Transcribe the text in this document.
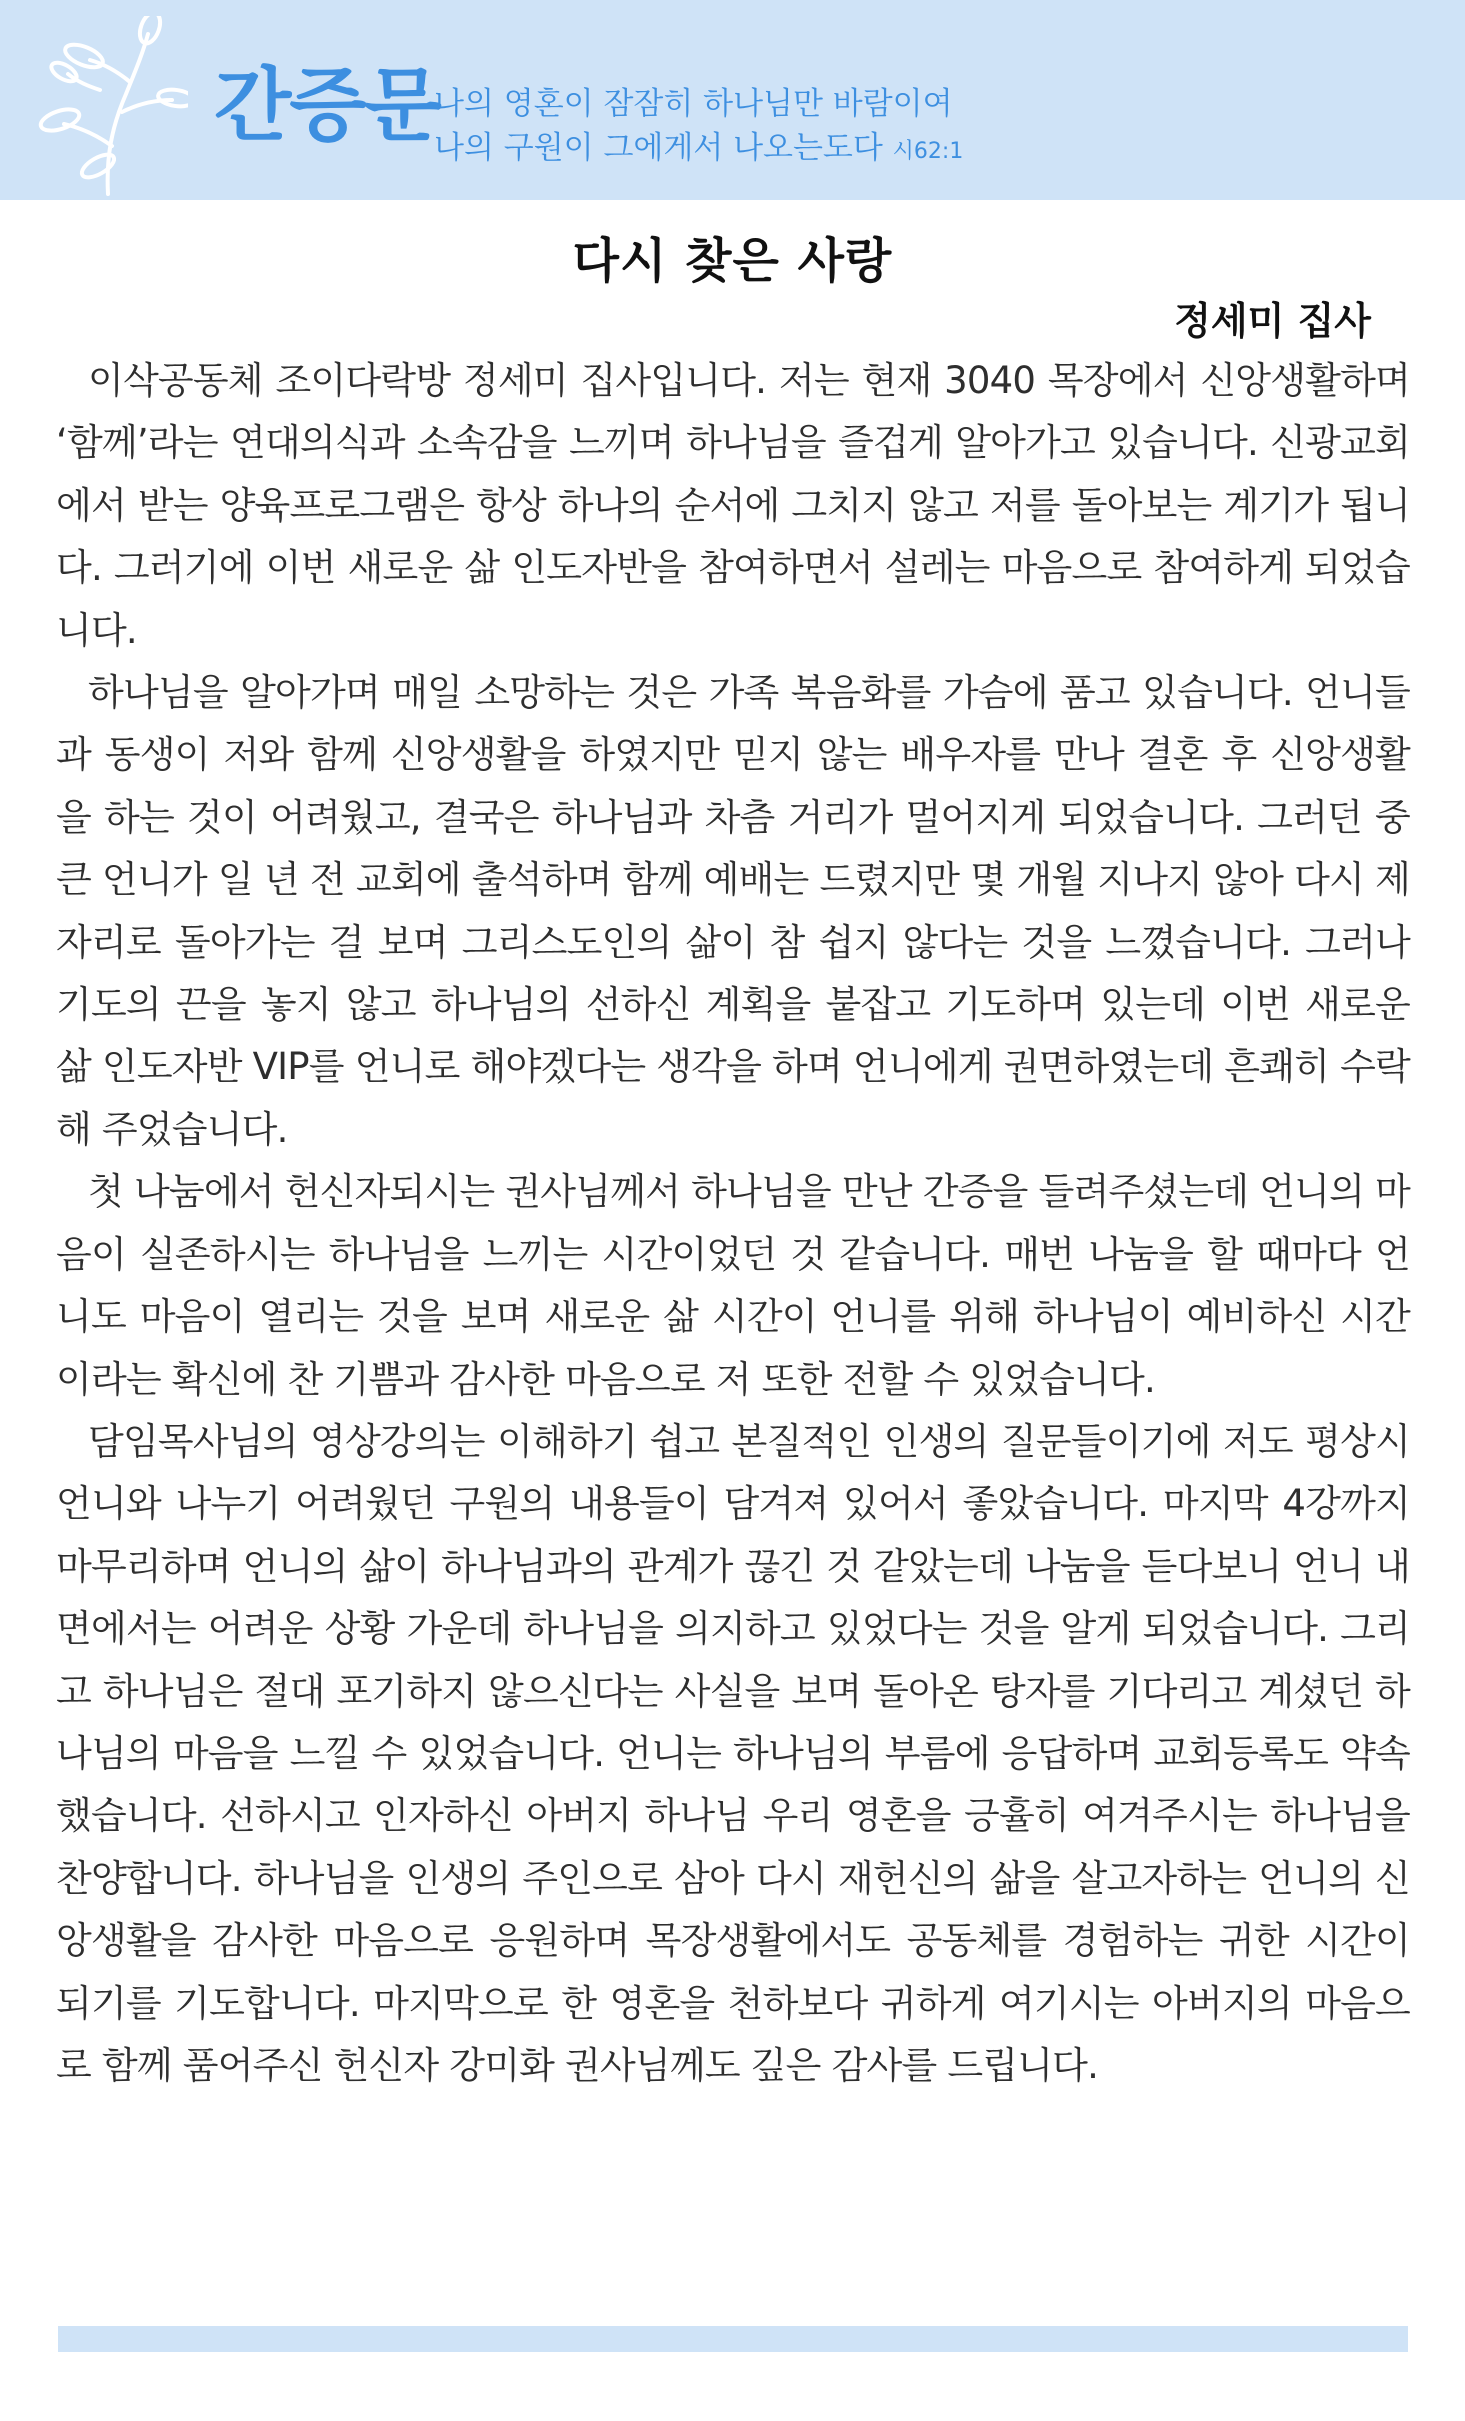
간증문
나의 영혼이 잠잠히 하나님만 바람이여
나의 구원이 그에게서 나오는도다 시62:1
다시 찾은 사랑
정세미 집사

이삭공동체 조이다락방 정세미 집사입니다. 저는 현재 3040 목장에서 신앙생활하며 ‘함께’라는 연대의식과 소속감을 느끼며 하나님을 즐겁게 알아가고 있습니다. 신광교회에서 받는 양육프로그램은 항상 하나의 순서에 그치지 않고 저를 돌아보는 계기가 됩니다. 그러기에 이번 새로운 삶 인도자반을 참여하면서 설레는 마음으로 참여하게 되었습니다.

하나님을 알아가며 매일 소망하는 것은 가족 복음화를 가슴에 품고 있습니다. 언니들과 동생이 저와 함께 신앙생활을 하였지만 믿지 않는 배우자를 만나 결혼 후 신앙생활을 하는 것이 어려웠고, 결국은 하나님과 차츰 거리가 멀어지게 되었습니다. 그러던 중 큰 언니가 일 년 전 교회에 출석하며 함께 예배는 드렸지만 몇 개월 지나지 않아 다시 제자리로 돌아가는 걸 보며 그리스도인의 삶이 참 쉽지 않다는 것을 느꼈습니다. 그러나 기도의 끈을 놓지 않고 하나님의 선하신 계획을 붙잡고 기도하며 있는데 이번 새로운 삶 인도자반 VIP를 언니로 해야겠다는 생각을 하며 언니에게 권면하였는데 흔쾌히 수락해 주었습니다.

첫 나눔에서 헌신자되시는 권사님께서 하나님을 만난 간증을 들려주셨는데 언니의 마음이 실존하시는 하나님을 느끼는 시간이었던 것 같습니다. 매번 나눔을 할 때마다 언니도 마음이 열리는 것을 보며 새로운 삶 시간이 언니를 위해 하나님이 예비하신 시간이라는 확신에 찬 기쁨과 감사한 마음으로 저 또한 전할 수 있었습니다.

담임목사님의 영상강의는 이해하기 쉽고 본질적인 인생의 질문들이기에 저도 평상시 언니와 나누기 어려웠던 구원의 내용들이 담겨져 있어서 좋았습니다. 마지막 4강까지 마무리하며 언니의 삶이 하나님과의 관계가 끊긴 것 같았는데 나눔을 듣다보니 언니 내면에서는 어려운 상황 가운데 하나님을 의지하고 있었다는 것을 알게 되었습니다. 그리고 하나님은 절대 포기하지 않으신다는 사실을 보며 돌아온 탕자를 기다리고 계셨던 하나님의 마음을 느낄 수 있었습니다. 언니는 하나님의 부름에 응답하며 교회등록도 약속했습니다. 선하시고 인자하신 아버지 하나님 우리 영혼을 긍휼히 여겨주시는 하나님을 찬양합니다. 하나님을 인생의 주인으로 삼아 다시 재헌신의 삶을 살고자하는 언니의 신앙생활을 감사한 마음으로 응원하며 목장생활에서도 공동체를 경험하는 귀한 시간이 되기를 기도합니다. 마지막으로 한 영혼을 천하보다 귀하게 여기시는 아버지의 마음으로 함께 품어주신 헌신자 강미화 권사님께도 깊은 감사를 드립니다.
